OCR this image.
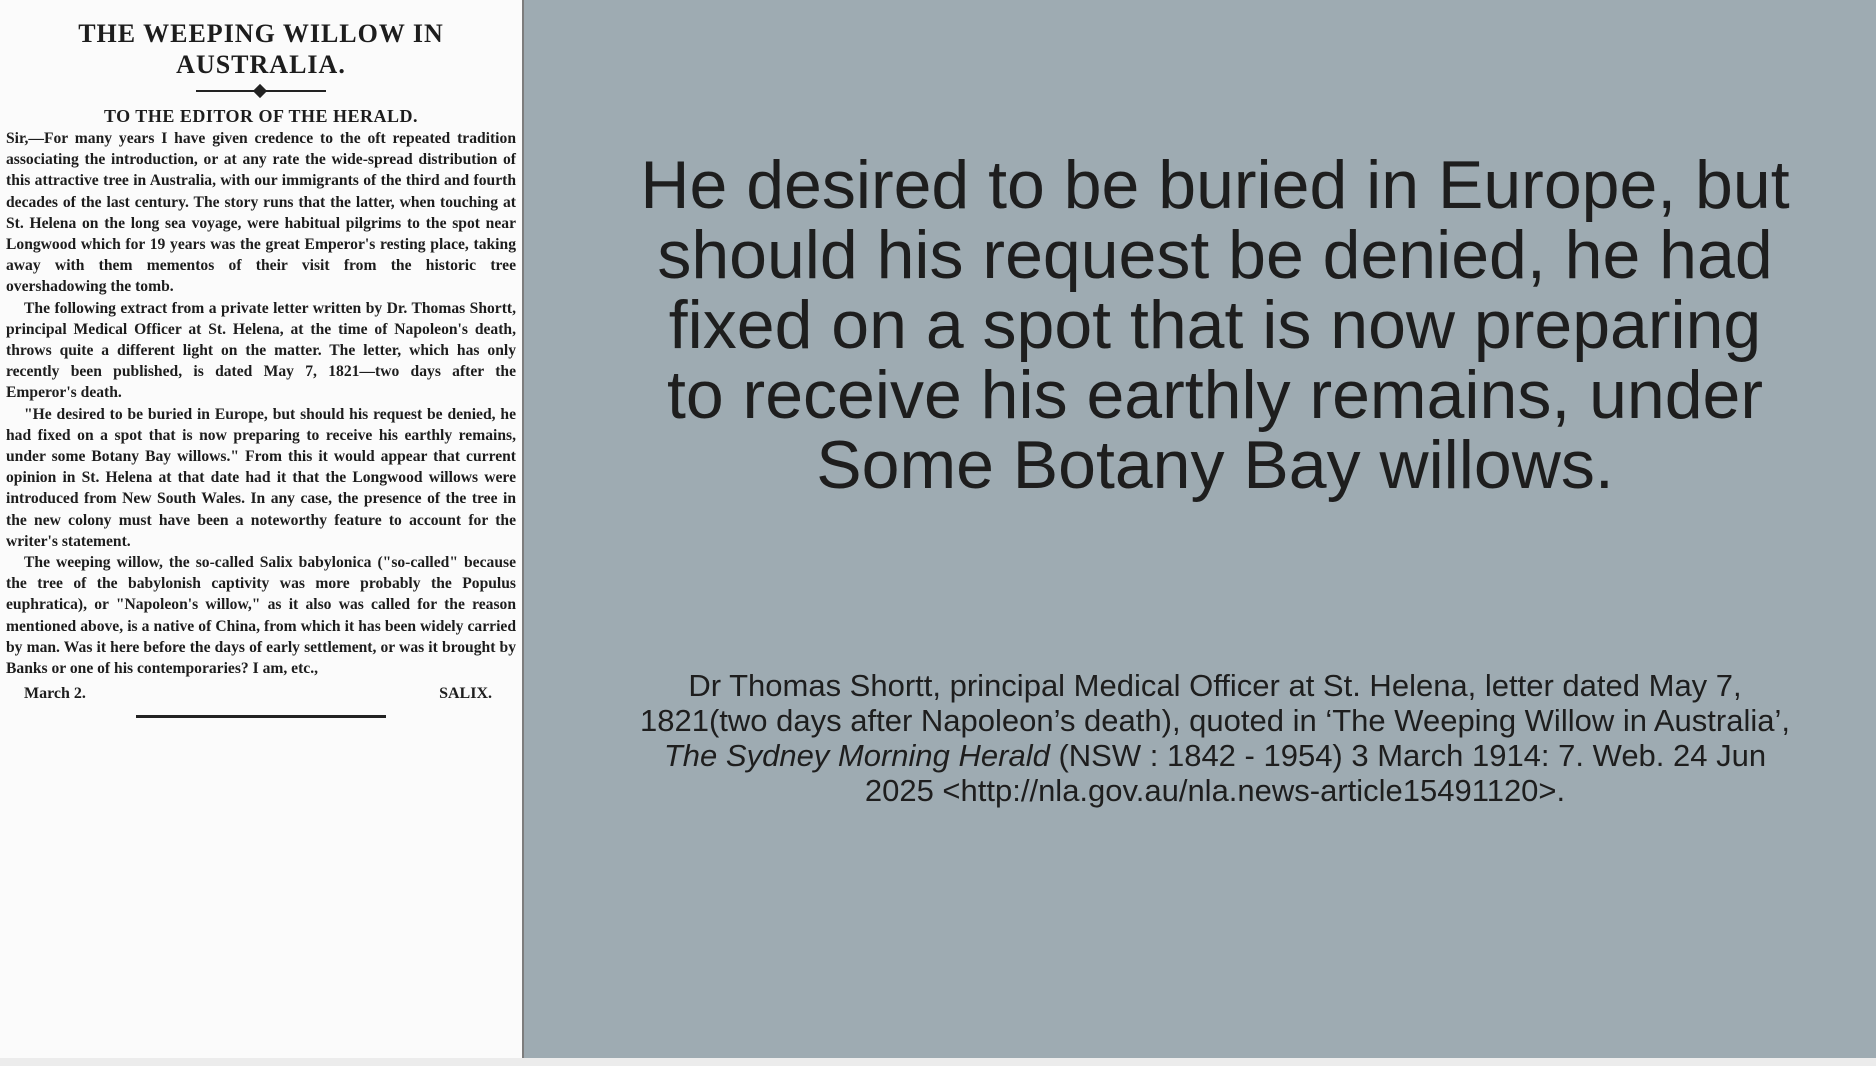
THE WEEPING WILLOW IN
AUSTRALIA.
TO THE EDITOR OF THE HERALD.

Sir,—For many years I have given credence to the oft repeated tradition associating the introduction, or at any rate the wide-spread distribution of this attractive tree in Australia, with our immigrants of the third and fourth decades of the last century. The story runs that the latter, when touching at St. Helena on the long sea voyage, were habitual pilgrims to the spot near Longwood which for 19 years was the great Emperor's resting place, taking away with them mementos of their visit from the historic tree overshadowing the tomb.

The following extract from a private letter written by Dr. Thomas Shortt, principal Medical Officer at St. Helena, at the time of Napoleon's death, throws quite a different light on the matter. The letter, which has only recently been published, is dated May 7, 1821—two days after the Emperor's death.

"He desired to be buried in Europe, but should his request be denied, he had fixed on a spot that is now preparing to receive his earthly remains, under some Botany Bay willows." From this it would appear that current opinion in St. Helena at that date had it that the Longwood willows were introduced from New South Wales. In any case, the presence of the tree in the new colony must have been a noteworthy feature to account for the writer's statement.

The weeping willow, the so-called Salix babylonica ("so-called" because the tree of the babylonish captivity was more probably the Populus euphratica), or "Napoleon's willow," as it also was called for the reason mentioned above, is a native of China, from which it has been widely carried by man. Was it here before the days of early settlement, or was it brought by Banks or one of his contemporaries? I am, etc.,

March 2.	SALIX.
He desired to be buried in Europe, but should his request be denied, he had fixed on a spot that is now preparing to receive his earthly remains, under Some Botany Bay willows.
Dr Thomas Shortt, principal Medical Officer at St. Helena, letter dated May 7, 1821(two days after Napoleon’s death), quoted in ‘The Weeping Willow in Australia’, The Sydney Morning Herald (NSW : 1842 - 1954) 3 March 1914: 7. Web. 24 Jun 2025 <http://nla.gov.au/nla.news-article15491120>.
